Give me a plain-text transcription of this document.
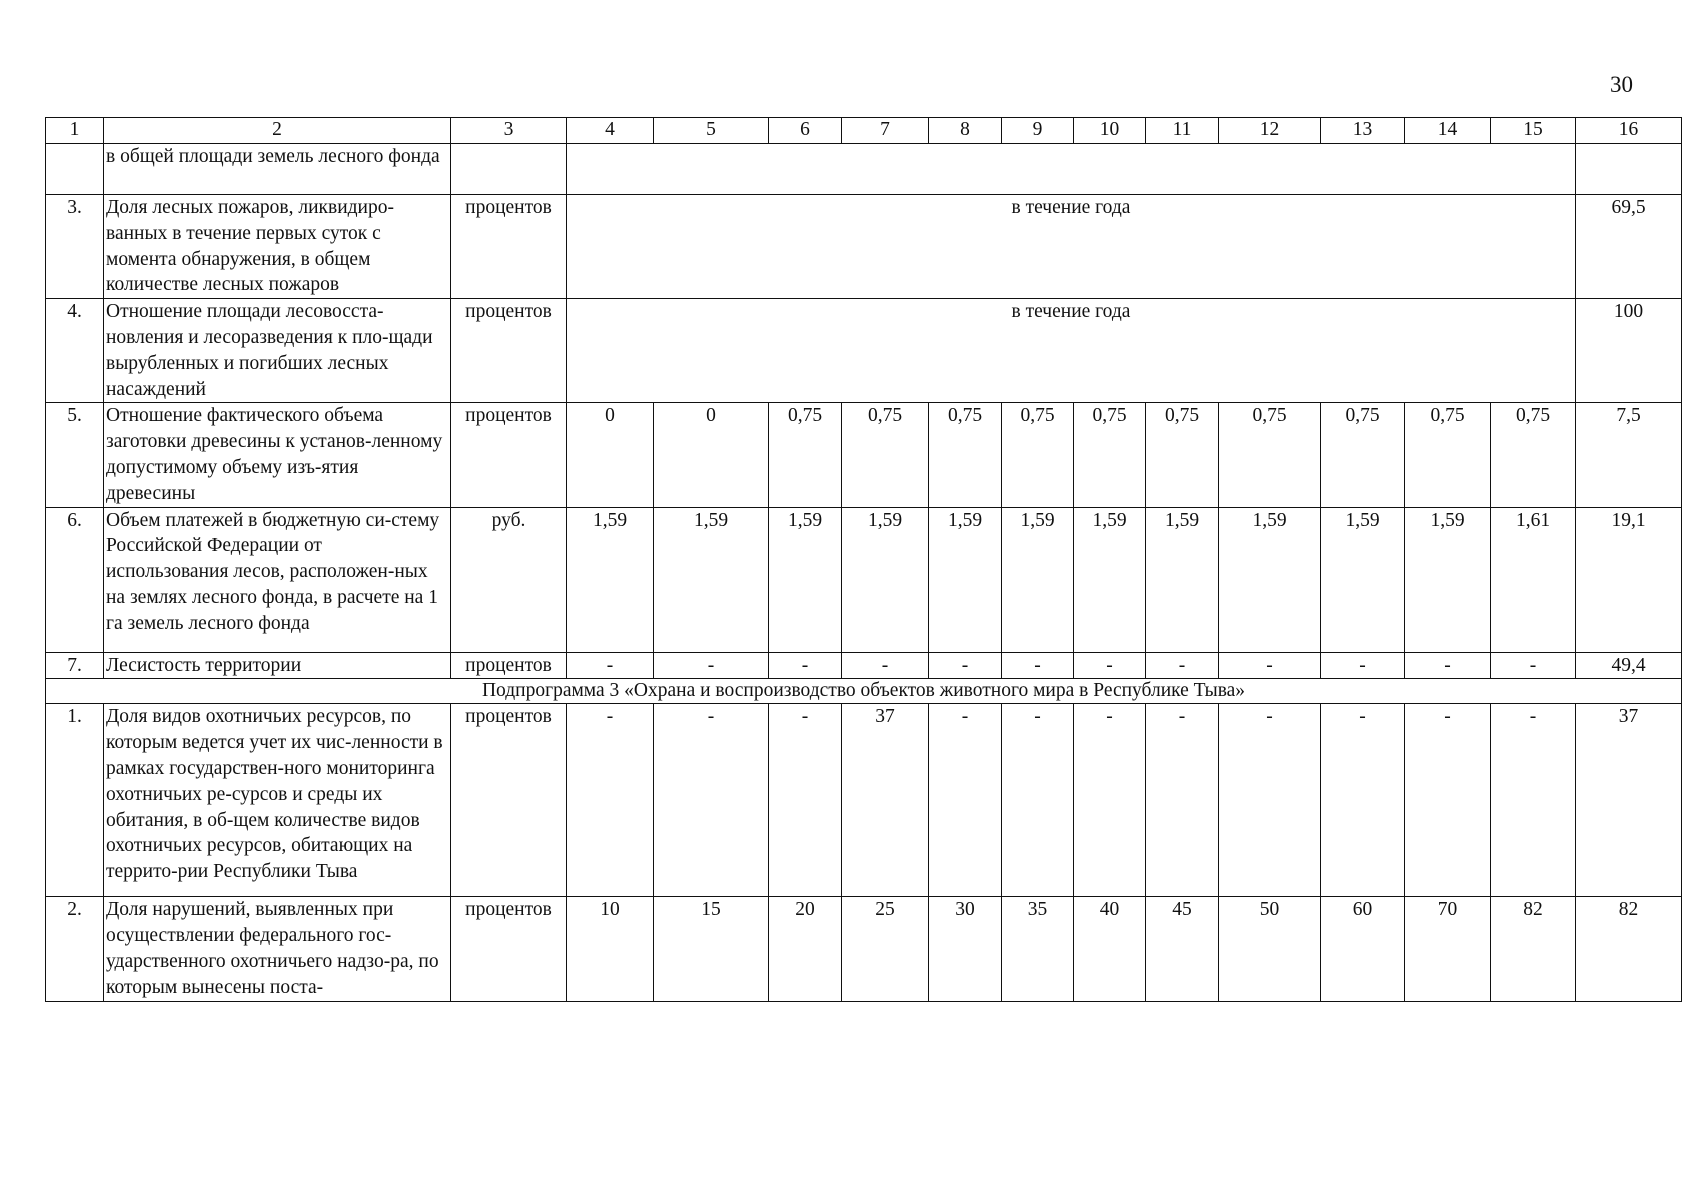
30
1	2	3	4	5	6	7	8	9	10	11	12	13	14	15	16
	в общей площади земель лесного фонда														
3.	Доля лесных пожаров, ликвидиро-ванных в течение первых суток с момента обнаружения, в общем количестве лесных пожаров	процентов	в течение года												69,5
4.	Отношение площади лесовосста-новления и лесоразведения к пло-щади вырубленных и погибших лесных насаждений	процентов	в течение года												100
5.	Отношение фактического объема заготовки древесины к установ-ленному допустимому объему изъ-ятия древесины	процентов	0	0	0,75	0,75	0,75	0,75	0,75	0,75	0,75	0,75	0,75	0,75	7,5
6.	Объем платежей в бюджетную си-стему Российской Федерации от использования лесов, расположен-ных на землях лесного фонда, в расчете на 1 га земель лесного фонда	руб.	1,59	1,59	1,59	1,59	1,59	1,59	1,59	1,59	1,59	1,59	1,59	1,61	19,1
7.	Лесистость территории	процентов	-	-	-	-	-	-	-	-	-	-	-	-	49,4
Подпрограмма 3 «Охрана и воспроизводство объектов животного мира в Республике Тыва»															
1.	Доля видов охотничьих ресурсов, по которым ведется учет их чис-ленности в рамках государствен-ного мониторинга охотничьих ре-сурсов и среды их обитания, в об-щем количестве видов охотничьих ресурсов, обитающих на террито-рии Республики Тыва	процентов	-	-	-	37	-	-	-	-	-	-	-	-	37
2.	Доля нарушений, выявленных при осуществлении федерального гос-ударственного охотничьего надзо-ра, по которым вынесены поста-	процентов	10	15	20	25	30	35	40	45	50	60	70	82	82
